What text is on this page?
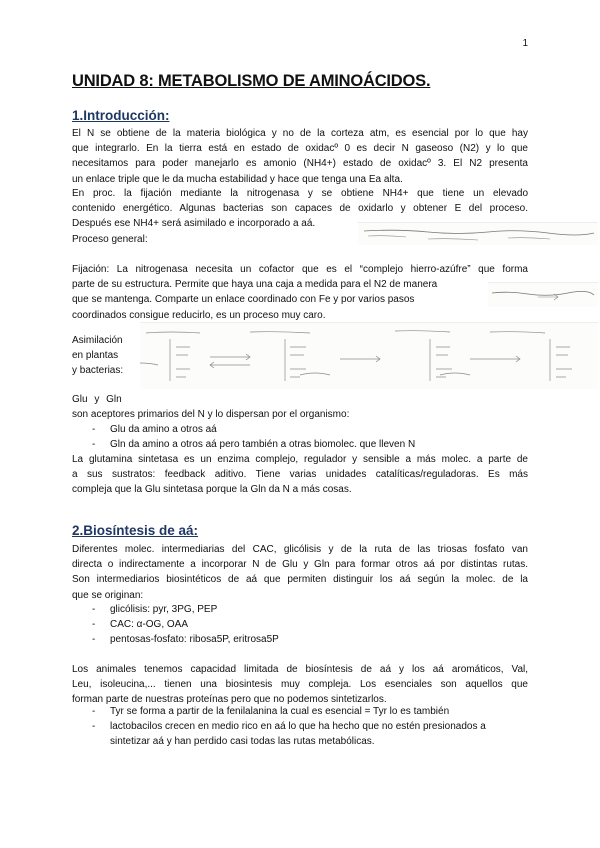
1
UNIDAD 8: METABOLISMO DE AMINOÁCIDOS.
1.Introducción:
El N se obtiene de la materia biológica y no de la corteza atm, es esencial por lo que hay
que integrarlo. En la tierra está en estado de oxidacº 0 es decir N gaseoso (N2) y lo que
necesitamos para poder manejarlo es amonio (NH4+) estado de oxidacº 3. El N2 presenta
un enlace triple que le da mucha estabilidad y hace que tenga una Ea alta.
En proc. la fijación mediante la nitrogenasa y se obtiene NH4+ que tiene un elevado
contenido energético. Algunas bacterias son capaces de oxidarlo y obtener E del proceso.
Después ese NH4+ será asimilado e incorporado a aá.
Proceso general:
Fijación: La nitrogenasa necesita un cofactor que es el “complejo hierro-azúfre” que forma
parte de su estructura. Permite que haya una caja a medida para el N2 de manera
que se mantenga. Comparte un enlace coordinado con Fe y por varios pasos
coordinados consigue reducirlo, es un proceso muy caro.
Asimilación
en plantas
y bacterias:
Glu y Gln
son aceptores primarios del N y lo dispersan por el organismo:
- Glu da amino a otros aá
- Gln da amino a otros aá pero también a otras biomolec. que lleven N
La glutamina sintetasa es un enzima complejo, regulador y sensible a más molec. a parte de
a sus sustratos: feedback aditivo. Tiene varias unidades catalíticas/reguladoras. Es más
compleja que la Glu sintetasa porque la Gln da N a más cosas.
2.Biosíntesis de aá:
Diferentes molec. intermediarias del CAC, glicólisis y de la ruta de las triosas fosfato van
directa o indirectamente a incorporar N de Glu y Gln para formar otros aá por distintas rutas.
Son intermediarios biosintéticos de aá que permiten distinguir los aá según la molec. de la
que se originan:
- glicólisis: pyr, 3PG, PEP
- CAC: α-OG, OAA
- pentosas-fosfato: ribosa5P, eritrosa5P
Los animales tenemos capacidad limitada de biosíntesis de aá y los aá aromáticos, Val,
Leu, isoleucina,... tienen una biosintesis muy compleja. Los esenciales son aquellos que
forman parte de nuestras proteínas pero que no podemos sintetizarlos.
- Tyr se forma a partir de la fenilalanina la cual es esencial = Tyr lo es también
- lactobacilos crecen en medio rico en aá lo que ha hecho que no estén presionados a
sintetizar aá y han perdido casi todas las rutas metabólicas.
